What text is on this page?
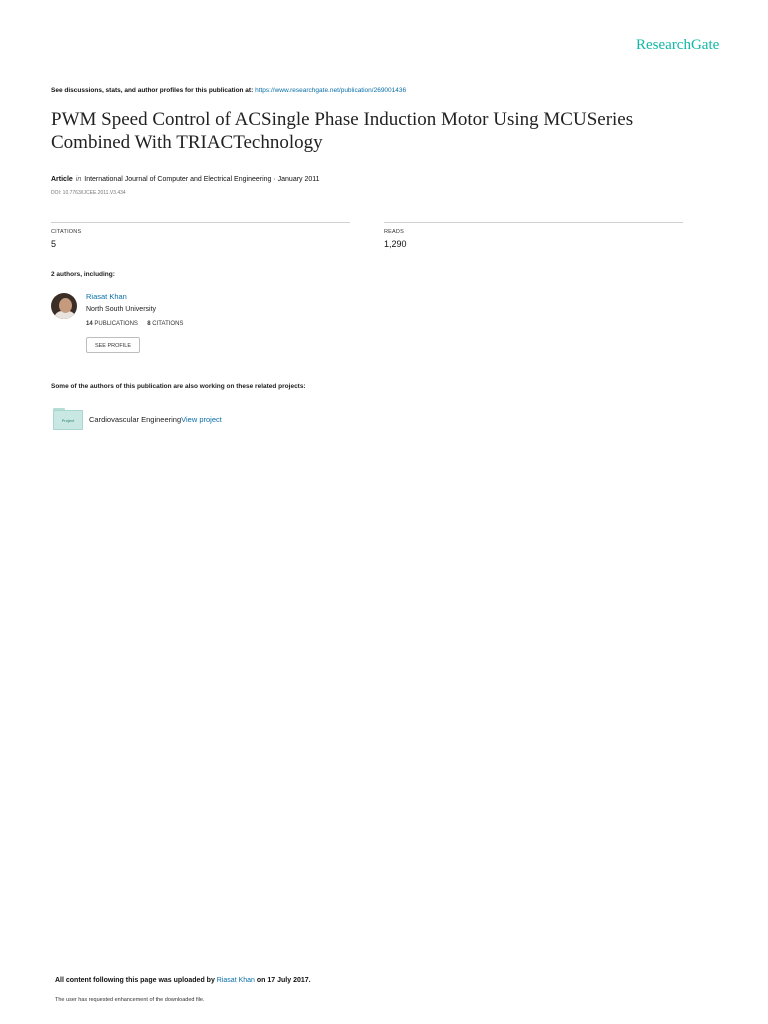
ResearchGate
See discussions, stats, and author profiles for this publication at: https://www.researchgate.net/publication/269001436
PWM Speed Control of ACSingle Phase Induction Motor Using MCUSeries Combined With TRIACTechnology
Article in International Journal of Computer and Electrical Engineering · January 2011
DOI: 10.7763/IJCEE.2011.V3.434
CITATIONS
5
READS
1,290
2 authors, including:
Riasat Khan
North South University
14 PUBLICATIONS 8 CITATIONS
SEE PROFILE
Some of the authors of this publication are also working on these related projects:
Project	Cardiovascular EngineeringView project
All content following this page was uploaded by Riasat Khan on 17 July 2017.
The user has requested enhancement of the downloaded file.
